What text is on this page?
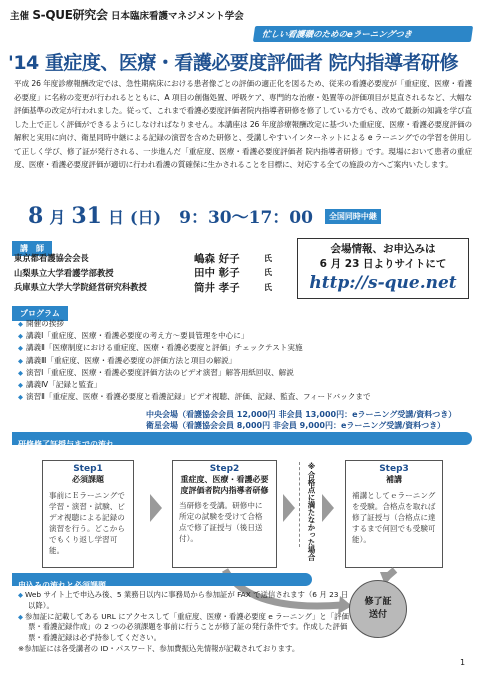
主催 S-QUE研究会 日本臨床看護マネジメント学会
忙しい看護職のためのeラーニングつき
'14 重症度、医療・看護必要度評価者 院内指導者研修
平成 26 年度診療報酬改定では、急性期病床における患者像ごとの評価の適正化を図るため、従来の看護必要度が「重症度、医療・看護必要度」に名称の変更が行われるとともに、A 項目の創傷処置、呼吸ケア、専門的な治療・処置等の評価項目が見直されるなど、大幅な評価基準の改定が行われました。従って、これまで看護必要度評価者院内指導者研修を修了している方でも、改めて最新の知識を学び直した上で正しく評価ができるようにしなければなりません。本講座は 26 年度診療報酬改定に基づいた重症度、医療・看護必要度評価の解釈と実用に向け、衛星同時中継による記録の演習を含めた研修と、受講しやすいインターネットによる e ラーニングでの学習を併用して正しく学び、修了証が発行される、一歩進んだ「重症度、医療・看護必要度評価者 院内指導者研修」です。現場において患者の重症度、医療・看護必要度評価が適切に行われ看護の質確保に生かされることを目標に、対応する全ての施設の方へご案内いたします。
8 月 31 日 (日) 9：30〜17：00	全国同時中継
講　師
東京都看護協会会長	嶋森 好子	氏
山梨県立大学看護学部教授	田中 彰子	氏
兵庫県立大学大学院経営研究科教授	筒井 孝子	氏
会場情報、お申込みは
6 月 23 日よりサイトにて
http://s-que.net
プログラム
◆ 開催の挨拶
◆ 講義Ⅰ「重症度、医療・看護必要度の考え方〜要員管理を中心に」
◆ 講義Ⅱ「医療制度における重症度、医療・看護必要度と評価」チェックテスト実施
◆ 講義Ⅲ「重症度、医療・看護必要度の評価方法と項目の解説」
◆ 演習Ⅰ「重症度、医療・看護必要度評価方法のビデオ演習」解答用紙回収、解説
◆ 講義Ⅳ「記録と監査」
◆ 演習Ⅱ「重症度、医療・看護必要度と看護記録」ビデオ視聴、評価、記録、監査、フィードバックまで
中央会場（看護協会会員 12,000円 非会員 13,000円：eラーニング受講/資料つき）
衛星会場（看護協会会員 8,000円 非会員 9,000円：eラーニング受講/資料つき）
研修修了証授与までの流れ
Step1
必須課題
事前にＥラーニングで学習・演習・試験、ビデオ視聴による記録の演習を行う。どこからでもくり返し学習可能。
Step2
重症度、医療・看護必要度評価者院内指導者研修
当研修を受講。研修中に所定の試験を受けて合格点で修了証授与（後日送付）。	※合格点に満たなかった場合	Step3
補講
補講としてｅラーニングを受験。合格点を取れば修了証授与（合格点に達するまで何回でも受験可能）。
申込みの流れと必須課題

◆ Web サイト上で申込み後、5 業務日以内に事務局から参加証が FAX で送信されます（6 月 23 日以降）。

◆ 参加証に記載してある URL にアクセスして「重症度、医療・看護必要度 e ラーニング」と「評価票・看護記録作成」の 2 つの必須課題を事前に行うことが修了証の発行条件です。作成した評価票・看護記録は必ず持参してください。

※参加証には各受講者の ID・パスワード、参加費振込先情報が記載されております。

修了証
送付
1
